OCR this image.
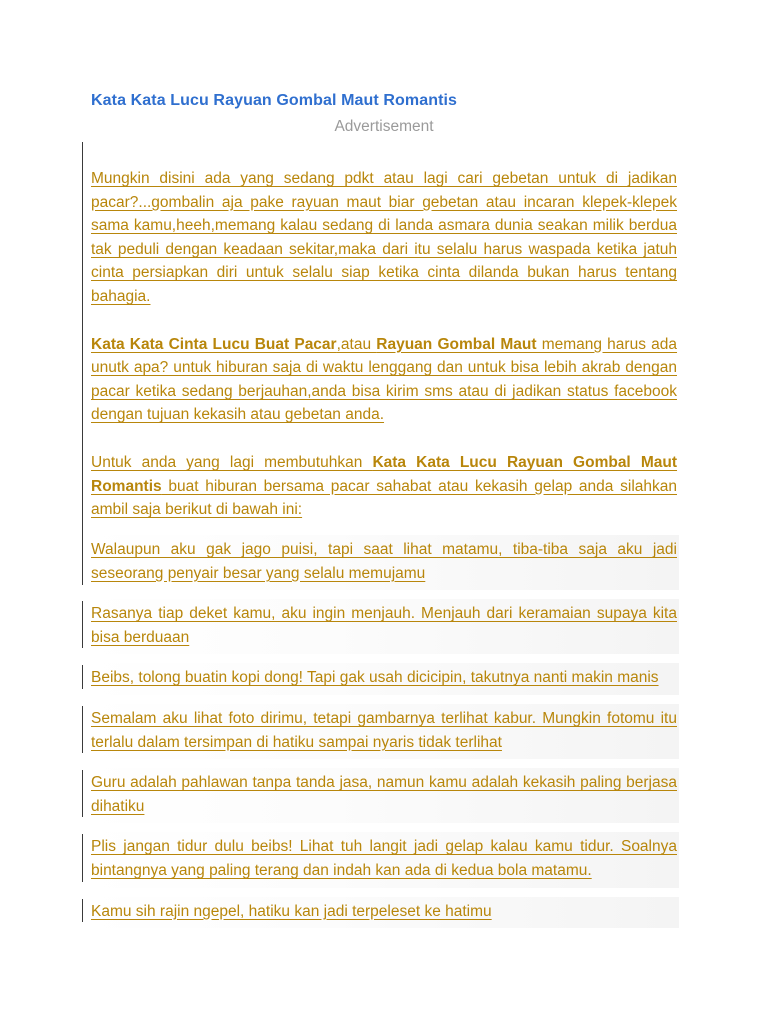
Kata Kata Lucu Rayuan Gombal Maut Romantis
Advertisement

Mungkin disini ada yang sedang pdkt atau lagi cari gebetan untuk di jadikan pacar?...gombalin aja pake rayuan maut biar gebetan atau incaran klepek-klepek sama kamu,heeh,memang kalau sedang di landa asmara dunia seakan milik berdua tak peduli dengan keadaan sekitar,maka dari itu selalu harus waspada ketika jatuh cinta persiapkan diri untuk selalu siap ketika cinta dilanda bukan harus tentang bahagia.

Kata Kata Cinta Lucu Buat Pacar,atau Rayuan Gombal Maut memang harus ada unutk apa? untuk hiburan saja di waktu lenggang dan untuk bisa lebih akrab dengan pacar ketika sedang berjauhan,anda bisa kirim sms atau di jadikan status facebook dengan tujuan kekasih atau gebetan anda.

Untuk anda yang lagi membutuhkan Kata Kata Lucu Rayuan Gombal Maut Romantis buat hiburan bersama pacar sahabat atau kekasih gelap anda silahkan ambil saja berikut di bawah ini:

Walaupun aku gak jago puisi, tapi saat lihat matamu, tiba-tiba saja aku jadi seseorang penyair besar yang selalu memujamu
Rasanya tiap deket kamu, aku ingin menjauh. Menjauh dari keramaian supaya kita bisa berduaan
Beibs, tolong buatin kopi dong! Tapi gak usah dicicipin, takutnya nanti makin manis
Semalam aku lihat foto dirimu, tetapi gambarnya terlihat kabur. Mungkin fotomu itu terlalu dalam tersimpan di hatiku sampai nyaris tidak terlihat
Guru adalah pahlawan tanpa tanda jasa, namun kamu adalah kekasih paling berjasa dihatiku
Plis jangan tidur dulu beibs! Lihat tuh langit jadi gelap kalau kamu tidur. Soalnya bintangnya yang paling terang dan indah kan ada di kedua bola matamu.
Kamu sih rajin ngepel, hatiku kan jadi terpeleset ke hatimu
